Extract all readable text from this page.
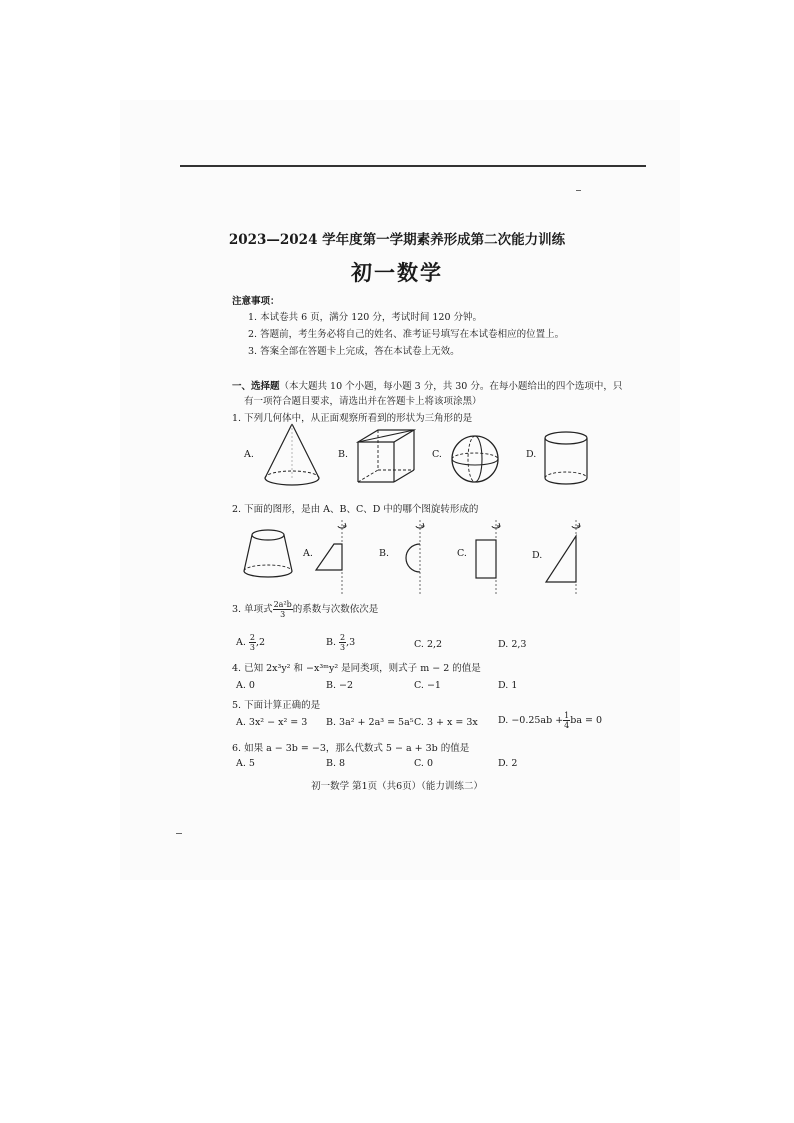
2023—2024 学年度第一学期素养形成第二次能力训练
初一数学
注意事项：
1. 本试卷共 6 页，满分 120 分，考试时间 120 分钟。
2. 答题前，考生务必将自己的姓名、准考证号填写在本试卷相应的位置上。
3. 答案全部在答题卡上完成，答在本试卷上无效。
一、选择题（本大题共 10 个小题，每小题 3 分，共 30 分。在每小题给出的四个选项中，只
有一项符合题目要求，请选出并在答题卡上将该项涂黑）
1. 下列几何体中，从正面观察所看到的形状为三角形的是
A.	B.	C.	D.
2. 下面的图形，是由 A、B、C、D 中的哪个图旋转形成的
A.	B.	C.	D.
3. 单项式 $\frac{\text{2a²b}}{3}$ 的系数与次数依次是
A. $\frac{2}{3} ,2$	B. $\frac{2}{3} ,3$	C. 2,2	D. 2,3
4. 已知 2x³y² 和 −x³ᵐy² 是同类项，则式子 m − 2 的值是
A. 0	B. −2	C. −1	D. 1
5. 下面计算正确的是
A. 3x² − x² = 3 B. 3a² + 2a³ = 5a⁵ C. 3 + x = 3x D. $-0.25ab + \frac{1}{4}$ ba = 0
6. 如果 a − 3b = −3，那么代数式 5 − a + 3b 的值是
A. 5	B. 8	C. 0	D. 2
初一数学 第1页（共6页）（能力训练二）
